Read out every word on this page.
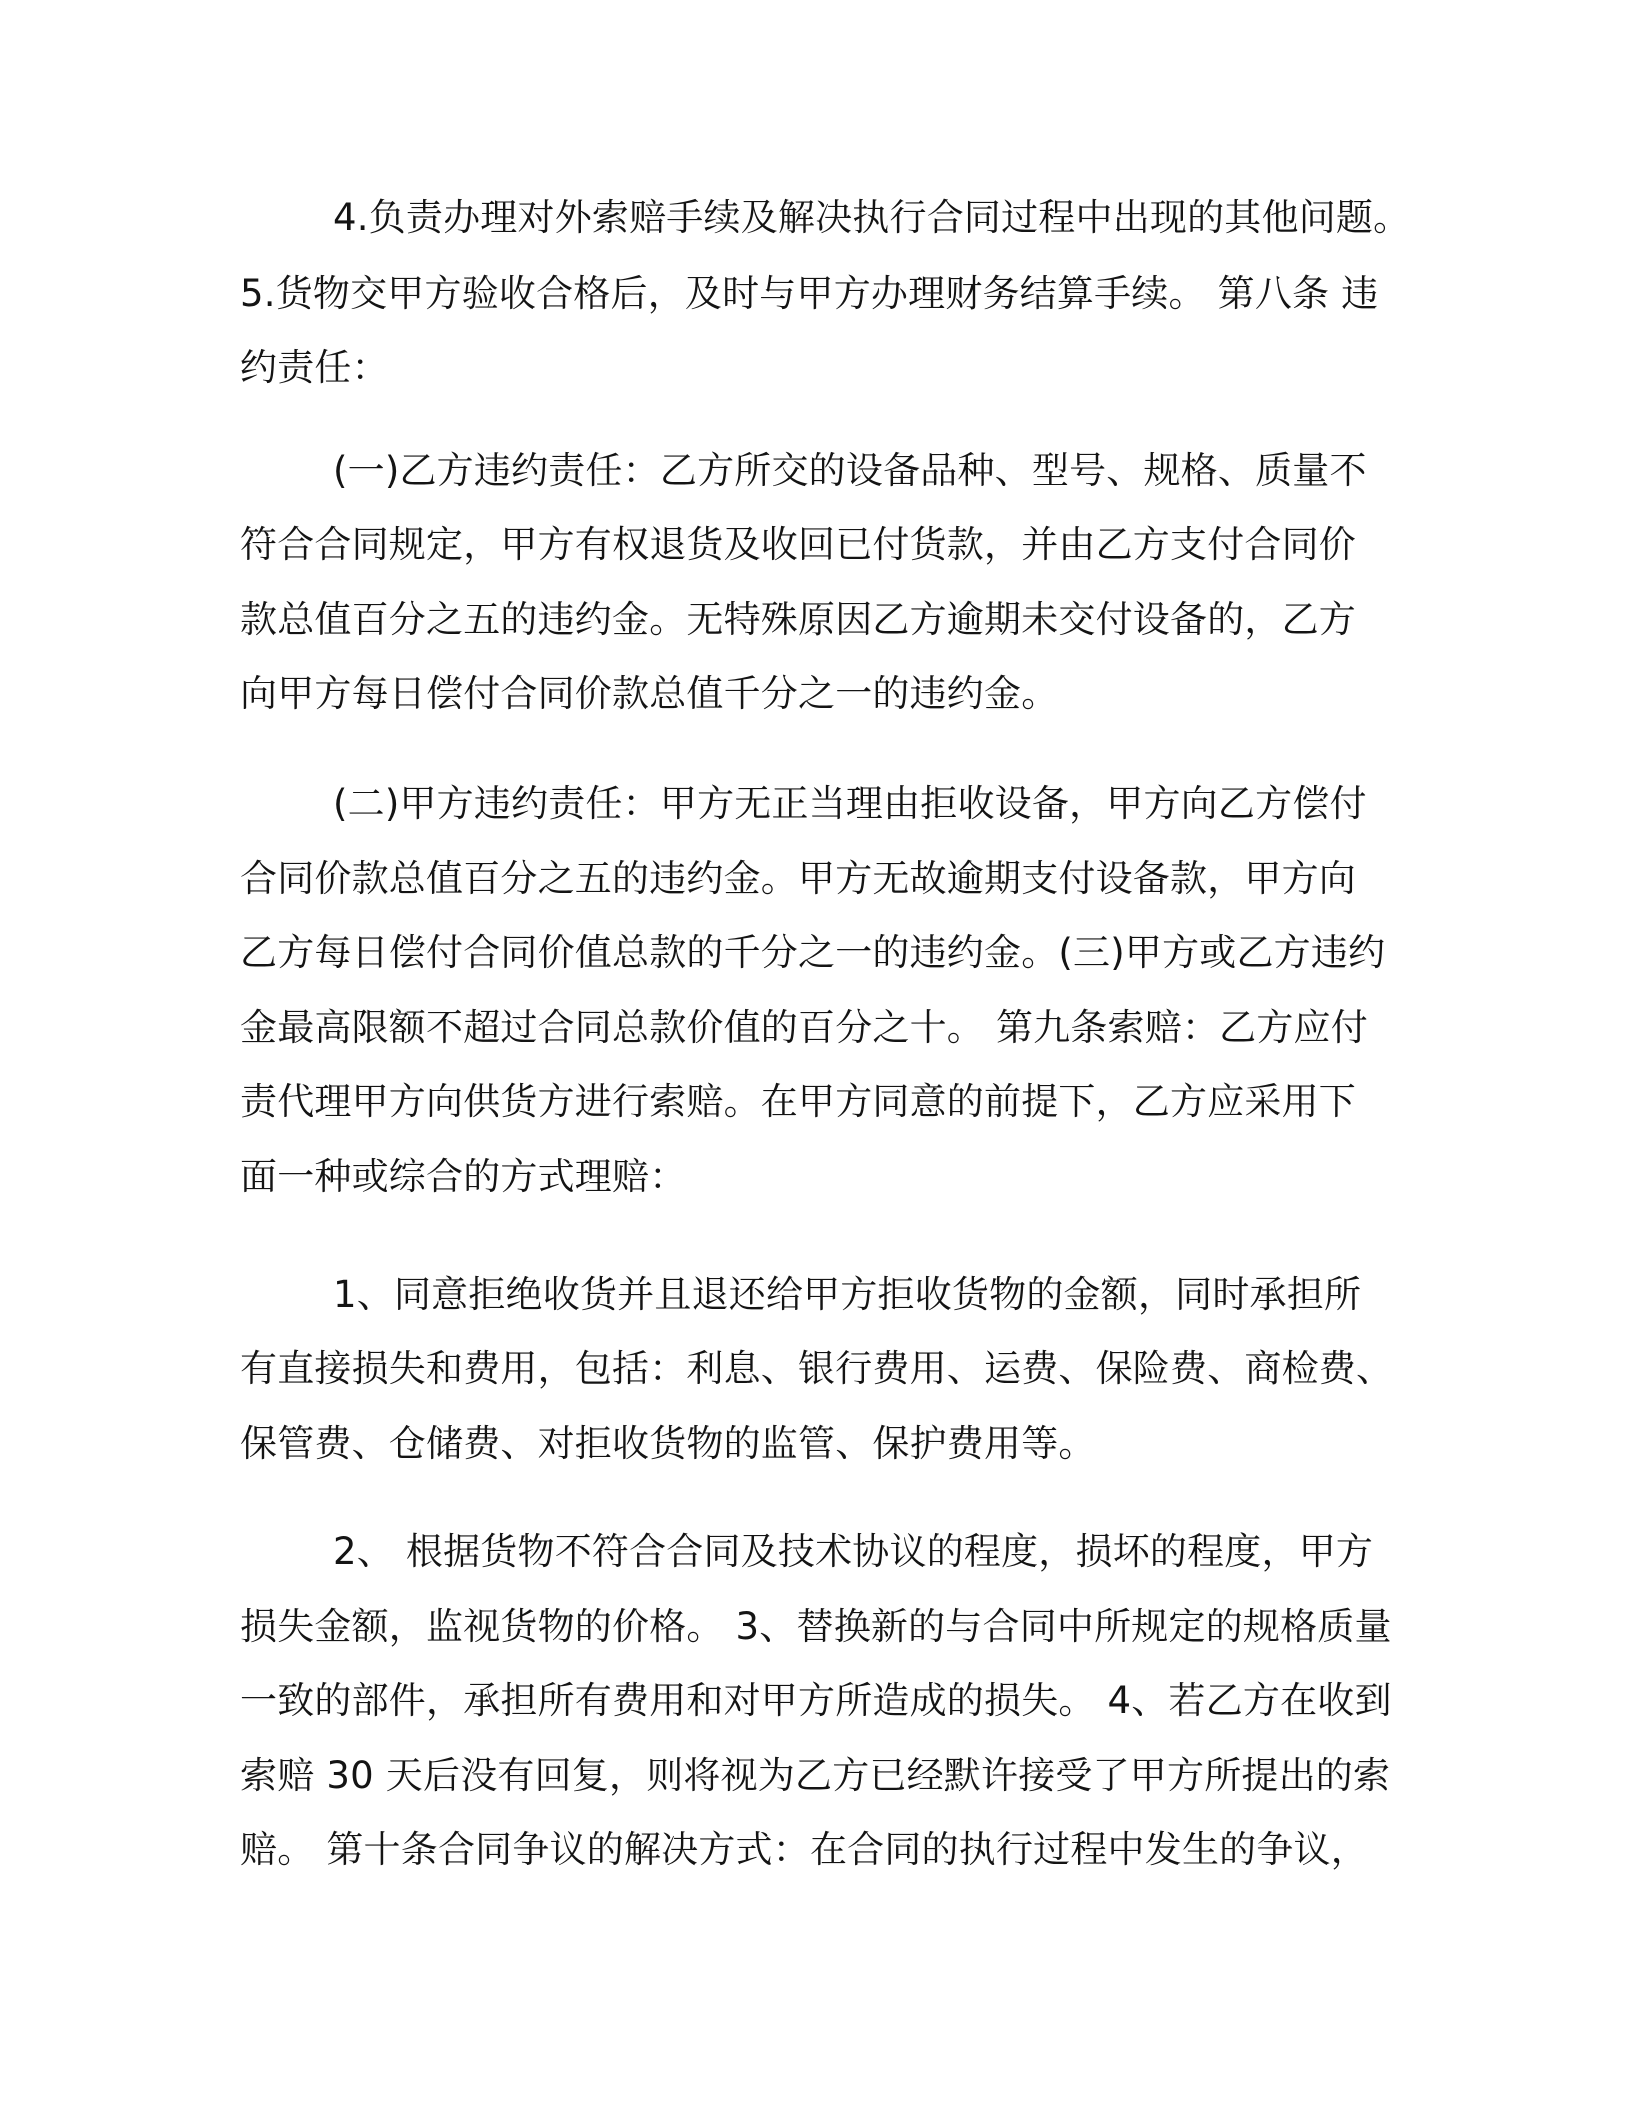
4.负责办理对外索赔手续及解决执行合同过程中出现的其他问题。
5.货物交甲方验收合格后，及时与甲方办理财务结算手续。 第八条 违
约责任：
(一)乙方违约责任：乙方所交的设备品种、型号、规格、质量不
符合合同规定，甲方有权退货及收回已付货款，并由乙方支付合同价
款总值百分之五的违约金。无特殊原因乙方逾期未交付设备的，乙方
向甲方每日偿付合同价款总值千分之一的违约金。
(二)甲方违约责任：甲方无正当理由拒收设备，甲方向乙方偿付
合同价款总值百分之五的违约金。甲方无故逾期支付设备款，甲方向
乙方每日偿付合同价值总款的千分之一的违约金。(三)甲方或乙方违约
金最高限额不超过合同总款价值的百分之十。 第九条索赔：乙方应付
责代理甲方向供货方进行索赔。在甲方同意的前提下，乙方应采用下
面一种或综合的方式理赔：
1、同意拒绝收货并且退还给甲方拒收货物的金额，同时承担所
有直接损失和费用，包括：利息、银行费用、运费、保险费、商检费、
保管费、仓储费、对拒收货物的监管、保护费用等。
2、 根据货物不符合合同及技术协议的程度，损坏的程度，甲方
损失金额，监视货物的价格。 3、替换新的与合同中所规定的规格质量
一致的部件，承担所有费用和对甲方所造成的损失。 4、若乙方在收到
索赔 30 天后没有回复，则将视为乙方已经默许接受了甲方所提出的索
赔。 第十条合同争议的解决方式：在合同的执行过程中发生的争议，
